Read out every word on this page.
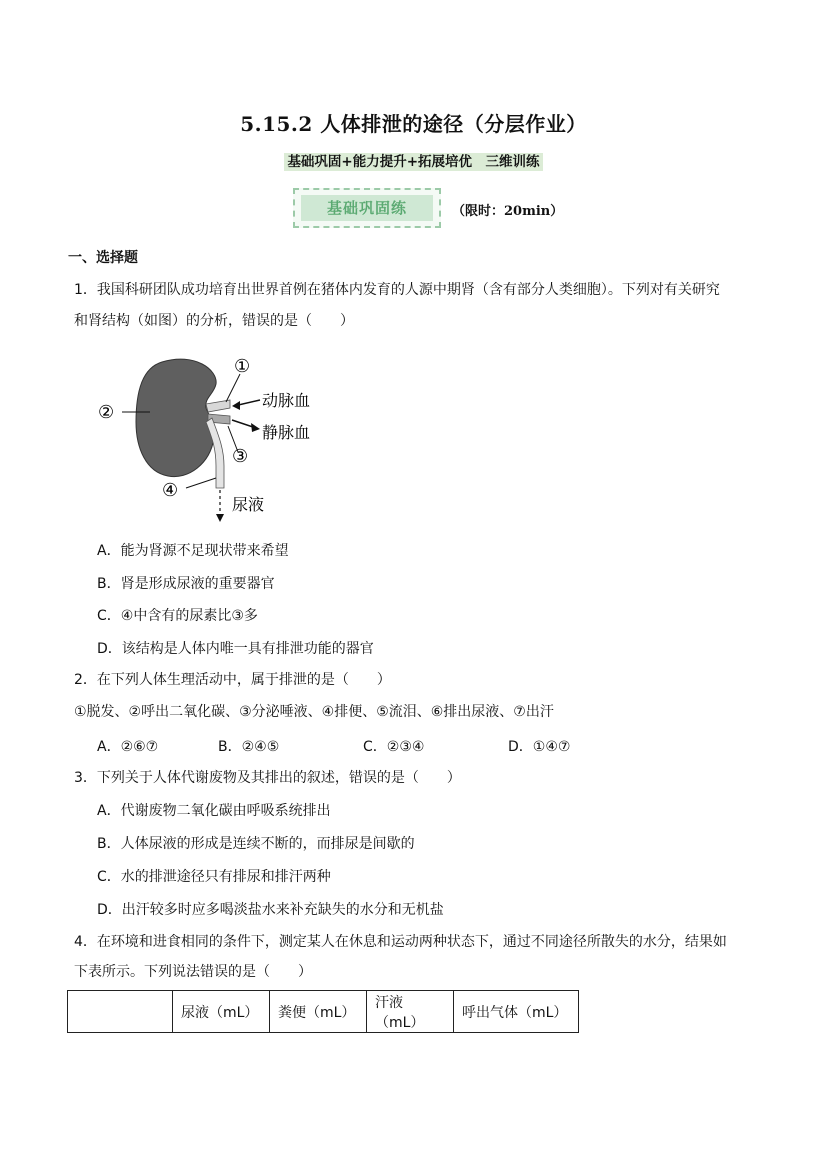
5.15.2 人体排泄的途径（分层作业）
基础巩固+能力提升+拓展培优　三维训练
基础巩固练	（限时：20min）
一、选择题
1．我国科研团队成功培育出世界首例在猪体内发育的人源中期肾（含有部分人类细胞）。下列对有关研究
和肾结构（如图）的分析，错误的是（　　）
①
②
③
④
动脉血
静脉血
尿液
A．能为肾源不足现状带来希望
B．肾是形成尿液的重要器官
C．④中含有的尿素比③多
D．该结构是人体内唯一具有排泄功能的器官
2．在下列人体生理活动中，属于排泄的是（　　）
①脱发、②呼出二氧化碳、③分泌唾液、④排便、⑤流泪、⑥排出尿液、⑦出汗
A．②⑥⑦	B．②④⑤	C．②③④	D．①④⑦
3．下列关于人体代谢废物及其排出的叙述，错误的是（　　）
A．代谢废物二氧化碳由呼吸系统排出
B．人体尿液的形成是连续不断的，而排尿是间歇的
C．水的排泄途径只有排尿和排汗两种
D．出汗较多时应多喝淡盐水来补充缺失的水分和无机盐
4．在环境和进食相同的条件下，测定某人在休息和运动两种状态下，通过不同途径所散失的水分，结果如
下表所示。下列说法错误的是（　　）
	尿液（mL）	粪便（mL）	汗液（mL）	呼出气体（mL）
